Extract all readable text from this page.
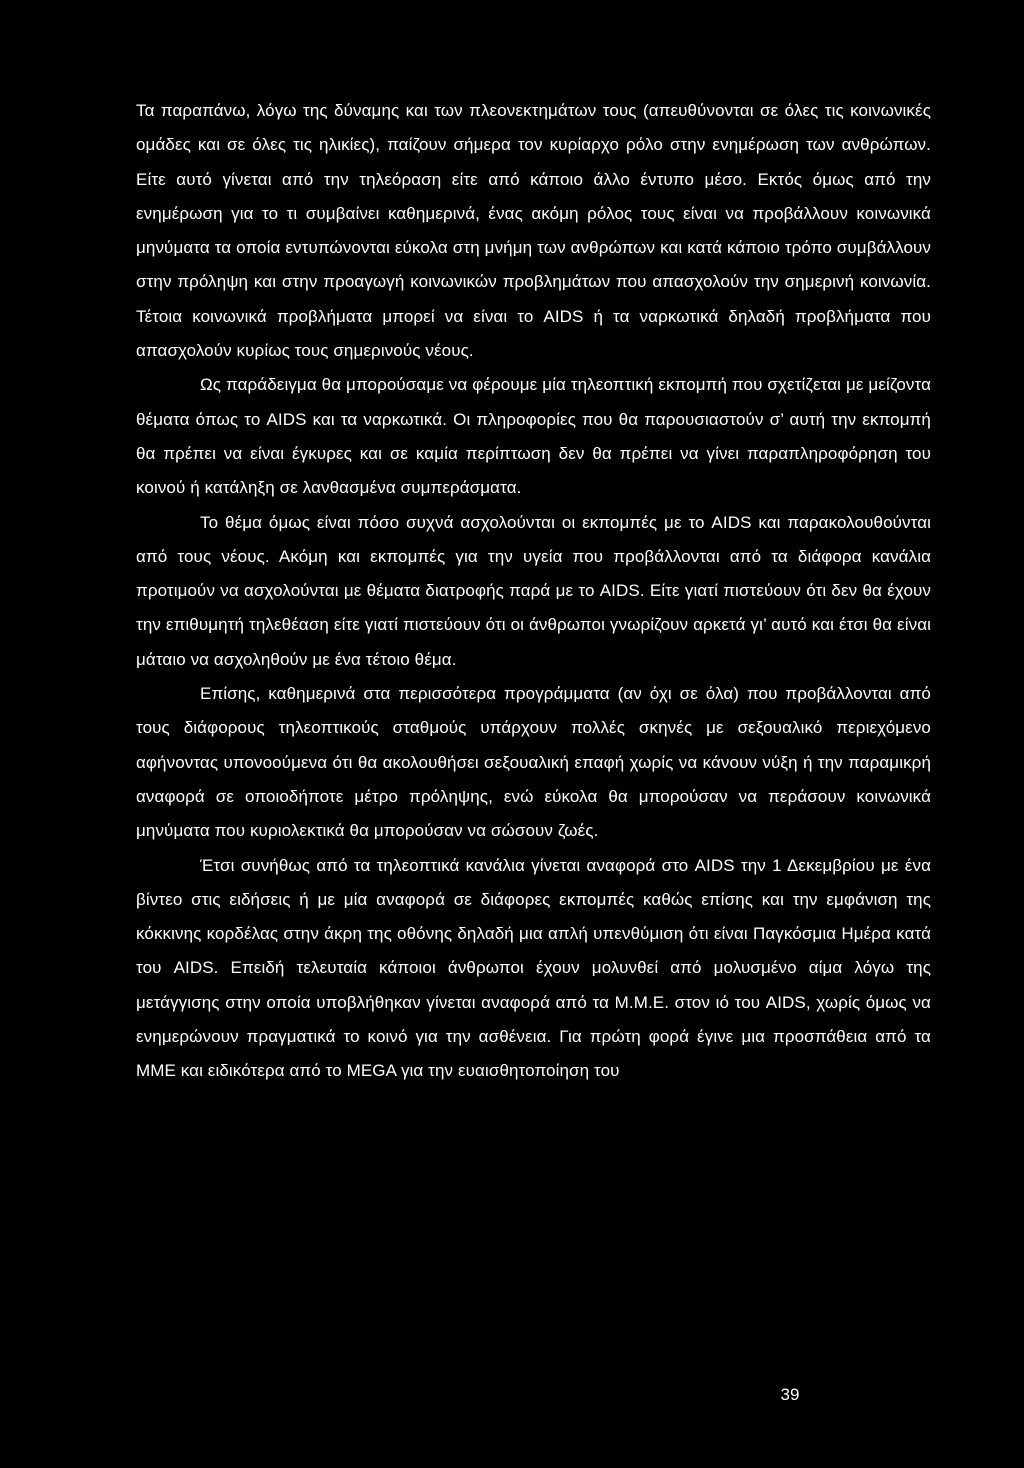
Τα παραπάνω, λόγω της δύναμης και των πλεονεκτημάτων τους (απευθύνονται σε όλες τις κοινωνικές ομάδες και σε όλες τις ηλικίες), παίζουν σήμερα τον κυρίαρχο ρόλο στην ενημέρωση των ανθρώπων. Είτε αυτό γίνεται από την τηλεόραση είτε από κάποιο άλλο έντυπο μέσο. Εκτός όμως από την ενημέρωση για το τι συμβαίνει καθημερινά, ένας ακόμη ρόλος τους είναι να προβάλλουν κοινωνικά μηνύματα τα οποία εντυπώνονται εύκολα στη μνήμη των ανθρώπων και κατά κάποιο τρόπο συμβάλλουν στην πρόληψη και στην προαγωγή κοινωνικών προβλημάτων που απασχολούν την σημερινή κοινωνία. Τέτοια κοινωνικά προβλήματα μπορεί να είναι το AIDS ή τα ναρκωτικά δηλαδή προβλήματα που απασχολούν κυρίως τους σημερινούς νέους.

Ως παράδειγμα θα μπορούσαμε να φέρουμε μία τηλεοπτική εκπομπή που σχετίζεται με μείζοντα θέματα όπως το AIDS και τα ναρκωτικά. Οι πληροφορίες που θα παρουσιαστούν σ’ αυτή την εκπομπή θα πρέπει να είναι έγκυρες και σε καμία περίπτωση δεν θα πρέπει να γίνει παραπληροφόρηση του κοινού ή κατάληξη σε λανθασμένα συμπεράσματα.

Το θέμα όμως είναι πόσο συχνά ασχολούνται οι εκπομπές με το AIDS και παρακολουθούνται από τους νέους. Ακόμη και εκπομπές για την υγεία που προβάλλονται από τα διάφορα κανάλια προτιμούν να ασχολούνται με θέματα διατροφής παρά με το AIDS. Είτε γιατί πιστεύουν ότι δεν θα έχουν την επιθυμητή τηλεθέαση είτε γιατί πιστεύουν ότι οι άνθρωποι γνωρίζουν αρκετά γι’ αυτό και έτσι θα είναι μάταιο να ασχοληθούν με ένα τέτοιο θέμα.

Επίσης, καθημερινά στα περισσότερα προγράμματα (αν όχι σε όλα) που προβάλλονται από τους διάφορους τηλεοπτικούς σταθμούς υπάρχουν πολλές σκηνές με σεξουαλικό περιεχόμενο αφήνοντας υπονοούμενα ότι θα ακολουθήσει σεξουαλική επαφή χωρίς να κάνουν νύξη ή την παραμικρή αναφορά σε οποιοδήποτε μέτρο πρόληψης, ενώ εύκολα θα μπορούσαν να περάσουν κοινωνικά μηνύματα που κυριολεκτικά θα μπορούσαν να σώσουν ζωές.

Έτσι συνήθως από τα τηλεοπτικά κανάλια γίνεται αναφορά στο AIDS την 1 Δεκεμβρίου με ένα βίντεο στις ειδήσεις ή με μία αναφορά σε διάφορες εκπομπές καθώς επίσης και την εμφάνιση της κόκκινης κορδέλας στην άκρη της οθόνης δηλαδή μια απλή υπενθύμιση ότι είναι Παγκόσμια Ημέρα κατά του AIDS. Επειδή τελευταία κάποιοι άνθρωποι έχουν μολυνθεί από μολυσμένο αίμα λόγω της μετάγγισης στην οποία υποβλήθηκαν γίνεται αναφορά από τα Μ.Μ.Ε. στον ιό του AIDS, χωρίς όμως να ενημερώνουν πραγματικά το κοινό για την ασθένεια. Για πρώτη φορά έγινε μια προσπάθεια από τα ΜΜΕ και ειδικότερα από το MEGA για την ευαισθητοποίηση του

39
